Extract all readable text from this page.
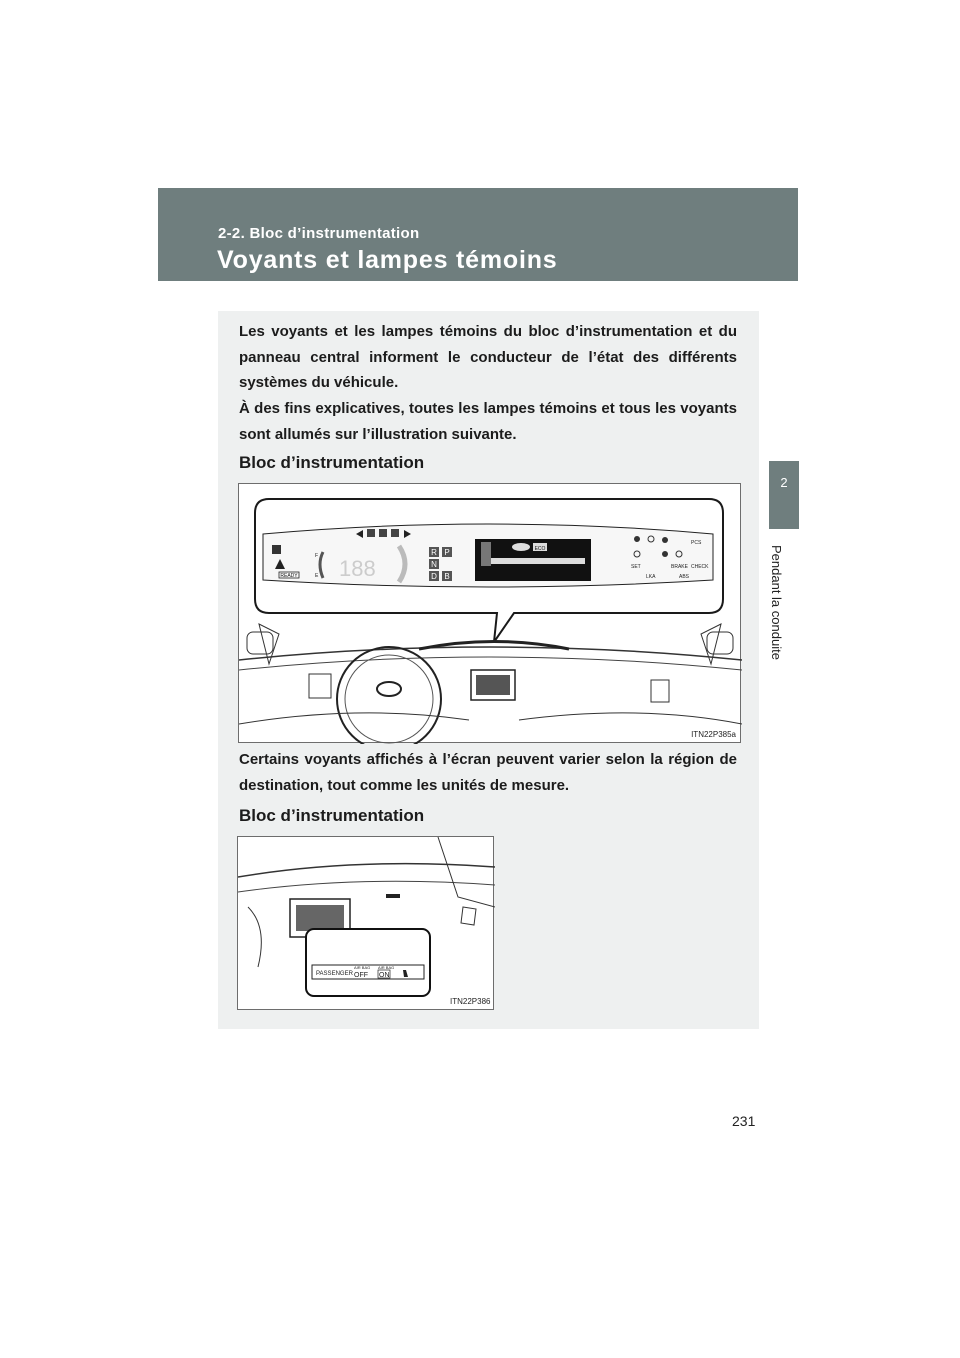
2-2. Bloc d’instrumentation
Voyants et lampes témoins
2
Pendant la conduite

Les voyants et les lampes témoins du bloc d’instrumentation et du panneau central informent le conducteur de l’état des différents systèmes du véhicule.

À des fins explicatives, toutes les lampes témoins et tous les voyants sont allumés sur l’illustration suivante.

Bloc d’instrumentation
READY
F
E 188
R P
N
D B
ECO
SET	BRAKE
PCS
CHECK
LKA	ABS
ITN22P385a

Certains voyants affichés à l’écran peuvent varier selon la région de destination, tout comme les unités de mesure.

Bloc d’instrumentation
PASSENGER
AIR BAG
OFF
AIR BAG
ON
ITN22P386
231
